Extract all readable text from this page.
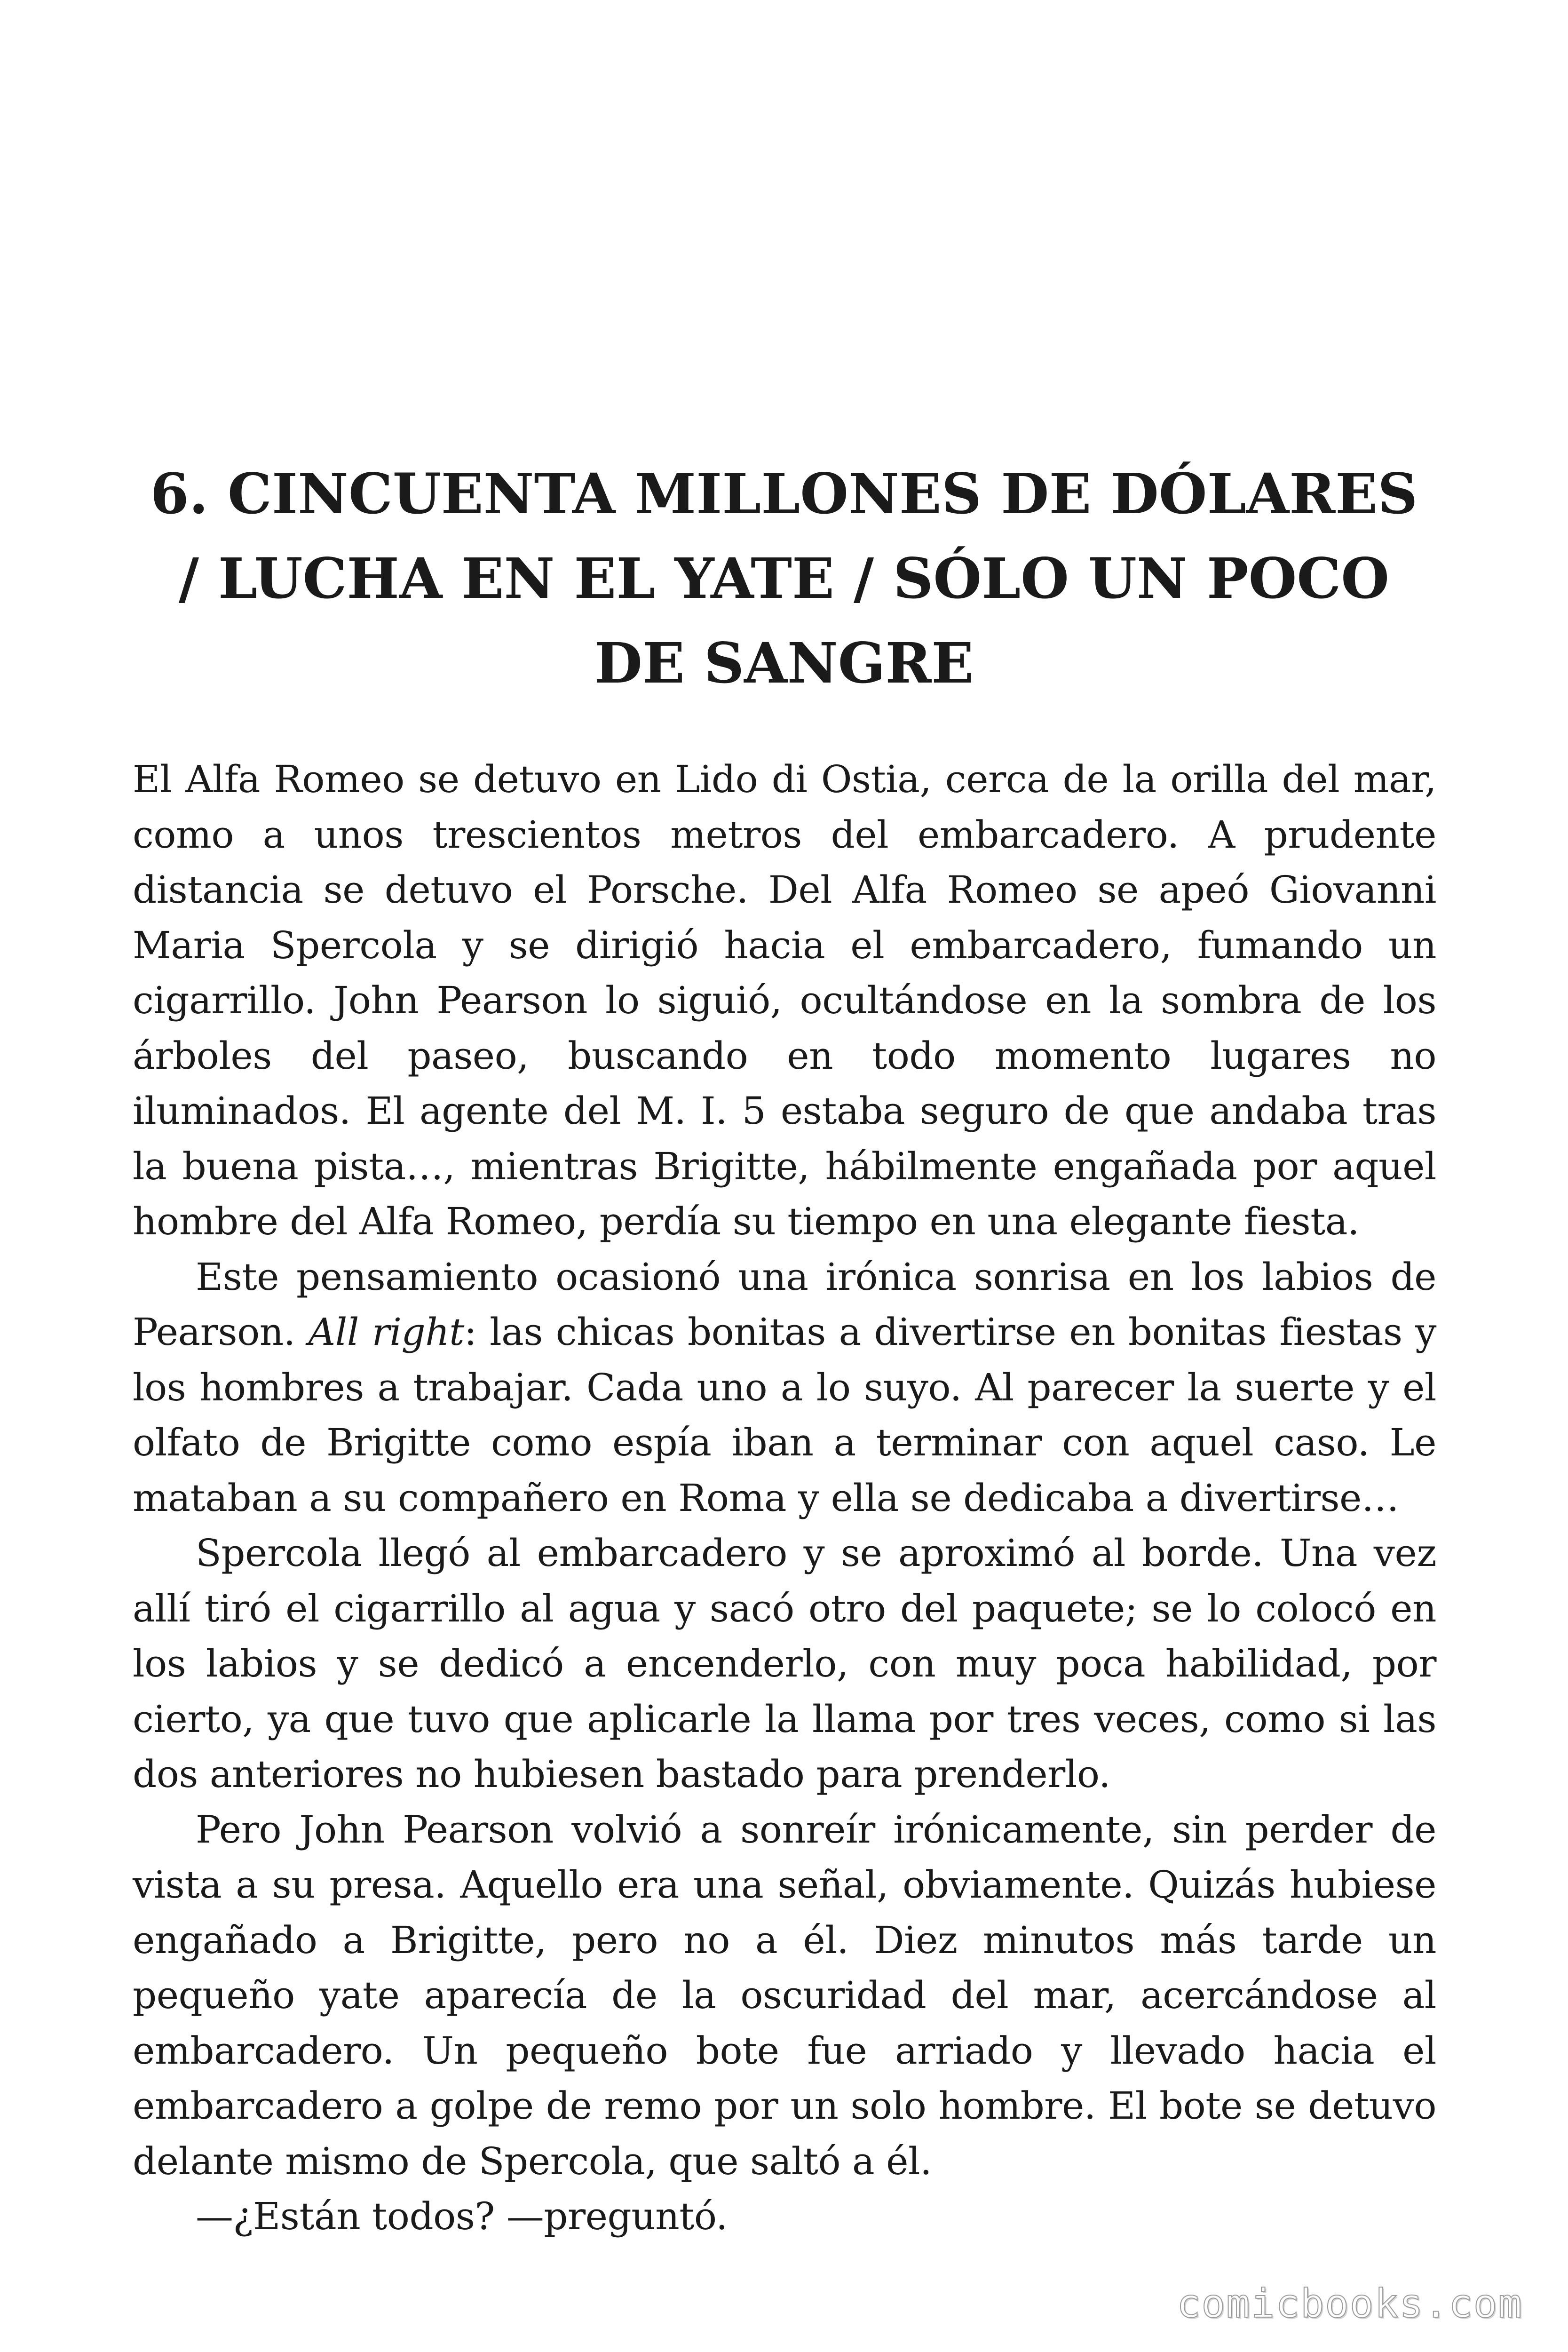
6. CINCUENTA MILLONES DE DÓLARES / LUCHA EN EL YATE / SÓLO UN POCO DE SANGRE

El Alfa Romeo se detuvo en Lido di Ostia, cerca de la orilla del mar, como a unos trescientos metros del embarcadero. A prudente distancia se detuvo el Porsche. Del Alfa Romeo se apeó Giovanni Maria Spercola y se dirigió hacia el embarcadero, fumando un cigarrillo. John Pearson lo siguió, ocultándose en la sombra de los árboles del paseo, buscando en todo momento lugares no iluminados. El agente del M. I. 5 estaba seguro de que andaba tras la buena pista…, mientras Brigitte, hábilmente engañada por aquel hombre del Alfa Romeo, perdía su tiempo en una elegante fiesta.

Este pensamiento ocasionó una irónica sonrisa en los labios de Pearson. All right: las chicas bonitas a divertirse en bonitas fiestas y los hombres a trabajar. Cada uno a lo suyo. Al parecer la suerte y el olfato de Brigitte como espía iban a terminar con aquel caso. Le mataban a su compañero en Roma y ella se dedicaba a divertirse…

Spercola llegó al embarcadero y se aproximó al borde. Una vez allí tiró el cigarrillo al agua y sacó otro del paquete; se lo colocó en los labios y se dedicó a encenderlo, con muy poca habilidad, por cierto, ya que tuvo que aplicarle la llama por tres veces, como si las dos anteriores no hubiesen bastado para prenderlo.

Pero John Pearson volvió a sonreír irónicamente, sin perder de vista a su presa. Aquello era una señal, obviamente. Quizás hubiese engañado a Brigitte, pero no a él. Diez minutos más tarde un pequeño yate aparecía de la oscuridad del mar, acercándose al embarcadero. Un pequeño bote fue arriado y llevado hacia el embarcadero a golpe de remo por un solo hombre. El bote se detuvo delante mismo de Spercola, que saltó a él.

—¿Están todos? —preguntó.

comicbooks.com
